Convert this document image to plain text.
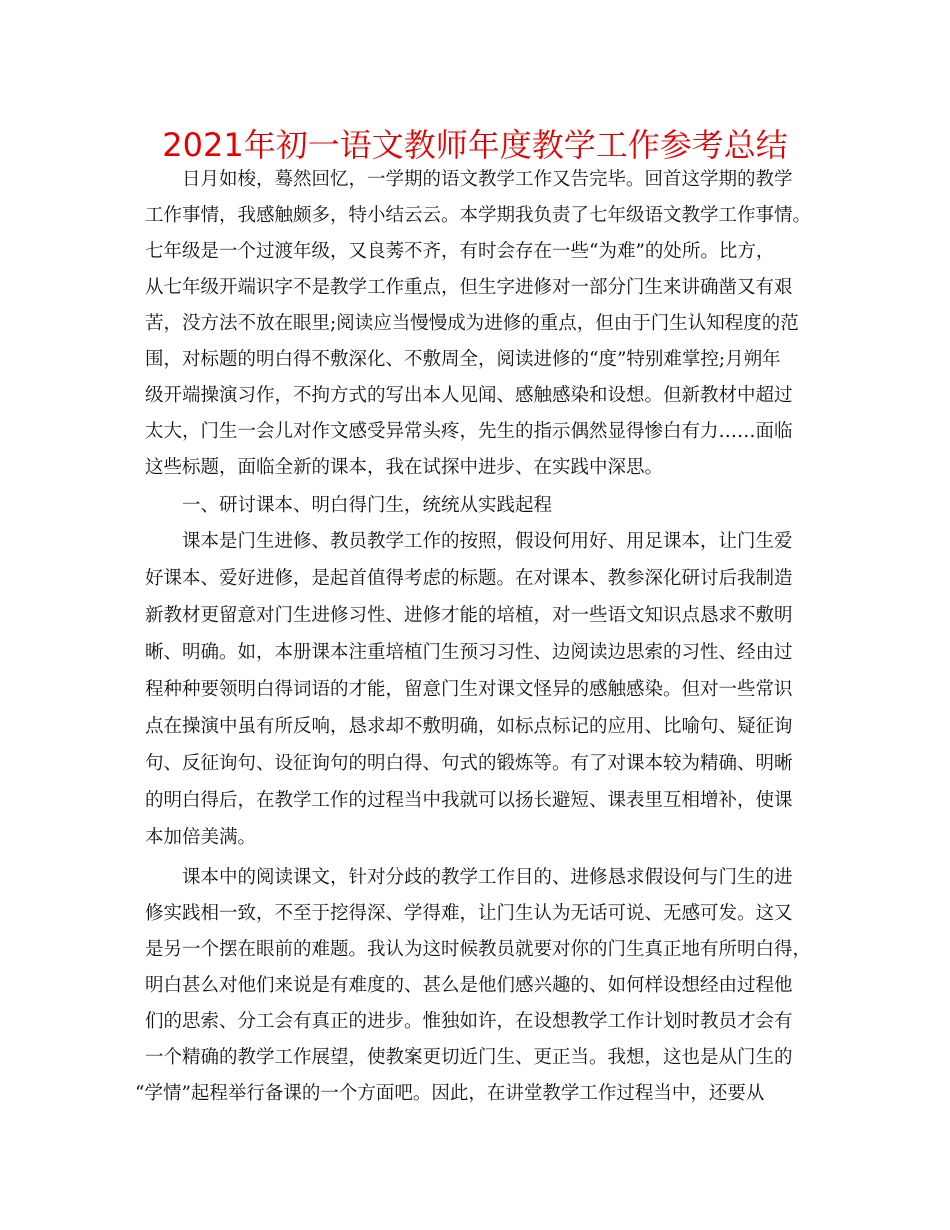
2021年初一语文教师年度教学工作参考总结
日月如梭，蓦然回忆，一学期的语文教学工作又告完毕。回首这学期的教学
工作事情，我感触颇多，特小结云云。本学期我负责了七年级语文教学工作事情。
七年级是一个过渡年级，又良莠不齐，有时会存在一些“为难”的处所。比方，
从七年级开端识字不是教学工作重点，但生字进修对一部分门生来讲确凿又有艰
苦，没方法不放在眼里;阅读应当慢慢成为进修的重点，但由于门生认知程度的范
围，对标题的明白得不敷深化、不敷周全，阅读进修的“度”特别难掌控;月朔年
级开端操演习作，不拘方式的写出本人见闻、感触感染和设想。但新教材中超过
太大，门生一会儿对作文感受异常头疼，先生的指示偶然显得惨白有力……面临
这些标题，面临全新的课本，我在试探中进步、在实践中深思。
一、研讨课本、明白得门生，统统从实践起程
课本是门生进修、教员教学工作的按照，假设何用好、用足课本，让门生爱
好课本、爱好进修，是起首值得考虑的标题。在对课本、教参深化研讨后我制造
新教材更留意对门生进修习性、进修才能的培植，对一些语文知识点恳求不敷明
晰、明确。如，本册课本注重培植门生预习习性、边阅读边思索的习性、经由过
程种种要领明白得词语的才能，留意门生对课文怪异的感触感染。但对一些常识
点在操演中虽有所反响，恳求却不敷明确，如标点标记的应用、比喻句、疑征询
句、反征询句、设征询句的明白得、句式的锻炼等。有了对课本较为精确、明晰
的明白得后，在教学工作的过程当中我就可以扬长避短、课表里互相增补，使课
本加倍美满。
课本中的阅读课文，针对分歧的教学工作目的、进修恳求假设何与门生的进
修实践相一致，不至于挖得深、学得难，让门生认为无话可说、无感可发。这又
是另一个摆在眼前的难题。我认为这时候教员就要对你的门生真正地有所明白得，
明白甚么对他们来说是有难度的、甚么是他们感兴趣的、如何样设想经由过程他
们的思索、分工会有真正的进步。惟独如许，在设想教学工作计划时教员才会有
一个精确的教学工作展望，使教案更切近门生、更正当。我想，这也是从门生的
“学情”起程举行备课的一个方面吧。因此，在讲堂教学工作过程当中，还要从
